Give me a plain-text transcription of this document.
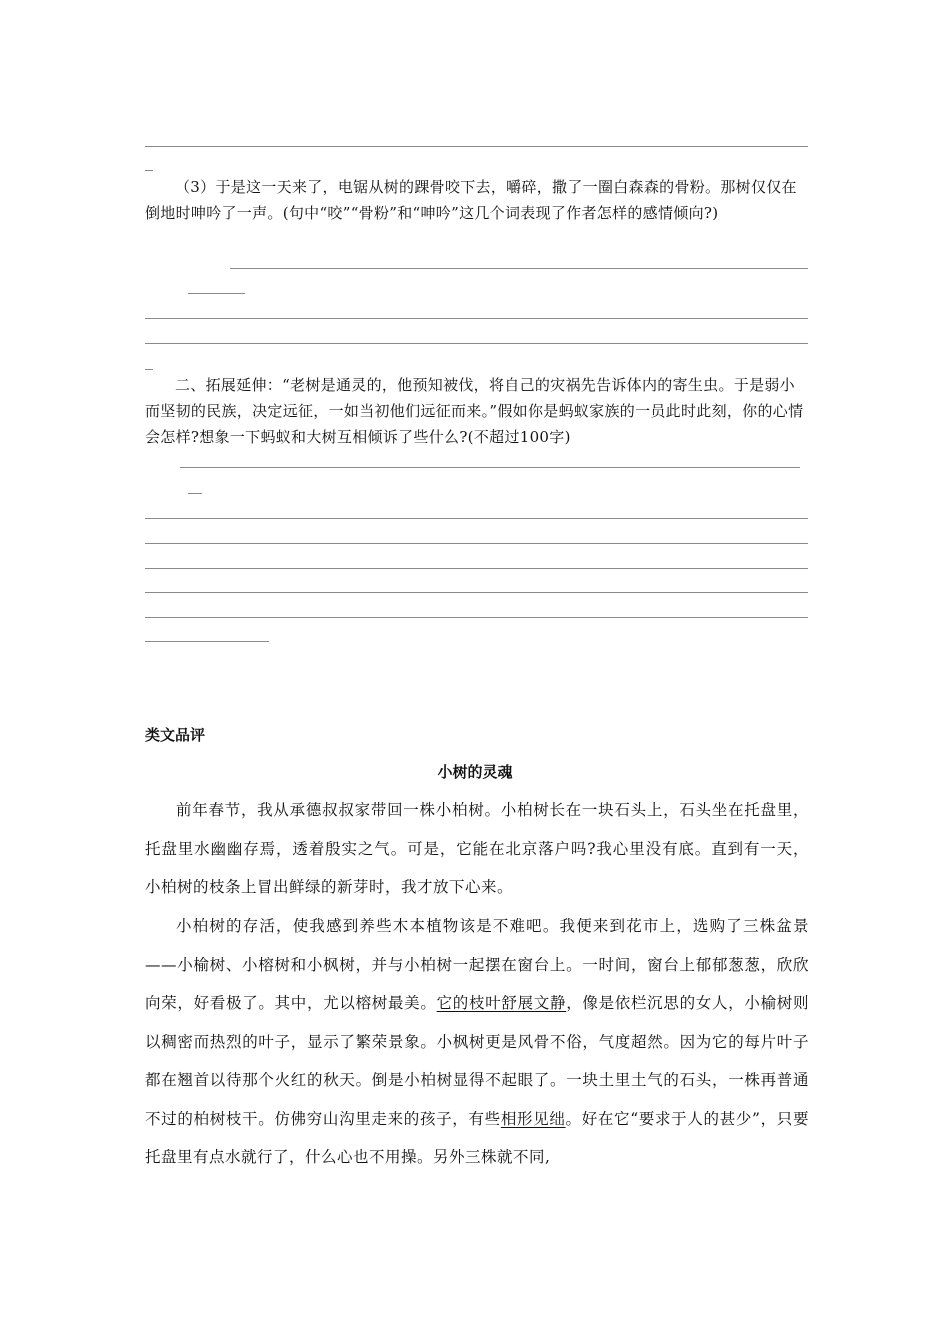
（3）于是这一天来了，电锯从树的踝骨咬下去，嚼碎，撒了一圈白森森的骨粉。那树仅仅在倒地时呻吟了一声。(句中“咬”“骨粉”和“呻吟”这几个词表现了作者怎样的感情倾向?)

二、拓展延伸：“老树是通灵的，他预知被伐，将自己的灾祸先告诉体内的寄生虫。于是弱小而坚韧的民族，决定远征，一如当初他们远征而来。”假如你是蚂蚁家族的一员此时此刻，你的心情会怎样?想象一下蚂蚁和大树互相倾诉了些什么?(不超过100字)

类文品评
小树的灵魂

前年春节，我从承德叔叔家带回一株小柏树。小柏树长在一块石头上，石头坐在托盘里，托盘里水幽幽存焉，透着殷实之气。可是，它能在北京落户吗?我心里没有底。直到有一天，小柏树的枝条上冒出鲜绿的新芽时，我才放下心来。

小柏树的存活，使我感到养些木本植物该是不难吧。我便来到花市上，选购了三株盆景——小榆树、小榕树和小枫树，并与小柏树一起摆在窗台上。一时间，窗台上郁郁葱葱，欣欣向荣，好看极了。其中，尤以榕树最美。它的枝叶舒展文静，像是依栏沉思的女人，小榆树则以稠密而热烈的叶子，显示了繁荣景象。小枫树更是风骨不俗，气度超然。因为它的每片叶子都在翘首以待那个火红的秋天。倒是小柏树显得不起眼了。一块土里土气的石头，一株再普通不过的柏树枝干。仿佛穷山沟里走来的孩子，有些相形见绌。好在它“要求于人的甚少”，只要托盘里有点水就行了，什么心也不用操。另外三株就不同,
